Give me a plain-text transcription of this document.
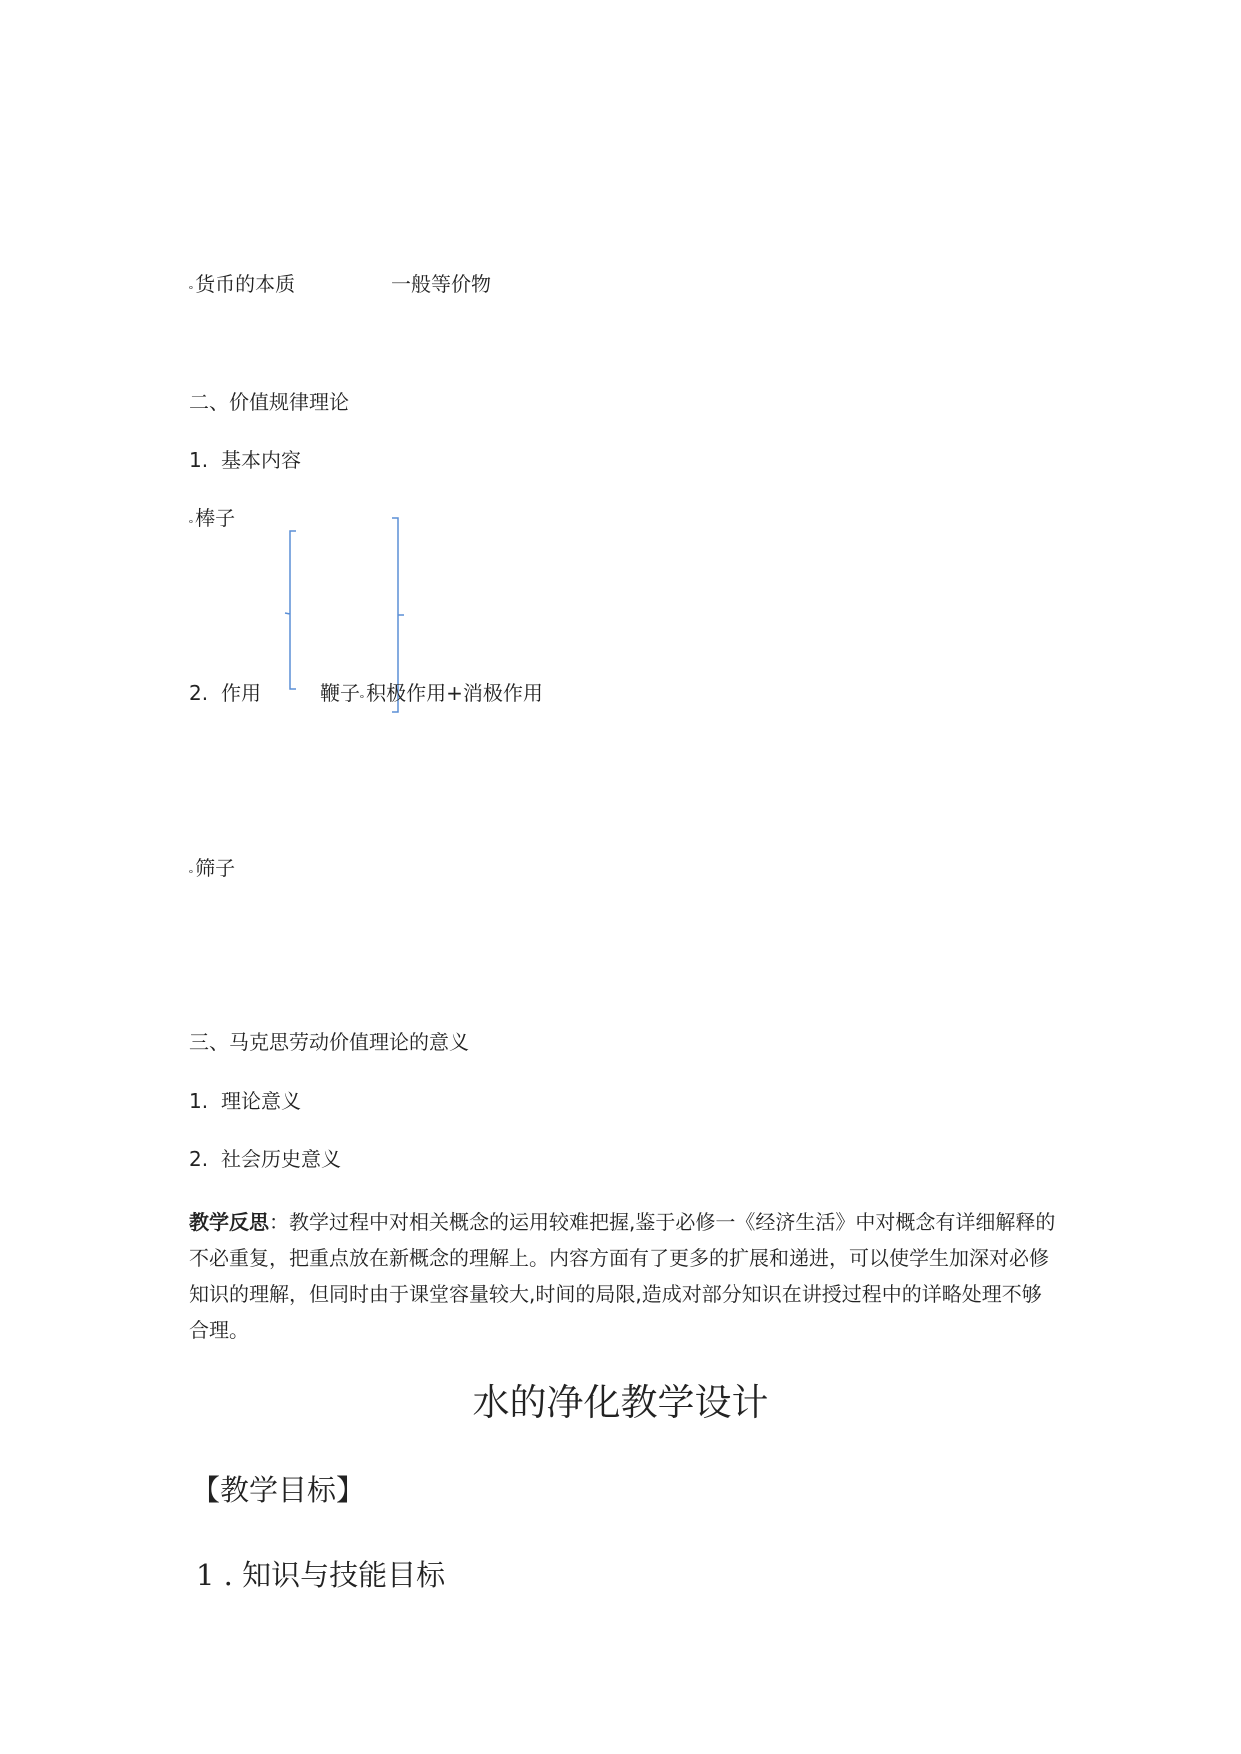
$^{_o}$ 货币的本质	一般等价物
二、价值规律理论
1. 基本内容
$^{_o}$ 棒子
2. 作用	鞭子$^{_o}$ 积极作用+消极作用
$^{_o}$ 筛子
三、马克思劳动价值理论的意义
1. 理论意义
2. 社会历史意义
教学反思：教学过程中对相关概念的运用较难把握,鉴于必修一《经济生活》中对概念有详细解释的不必重复，把重点放在新概念的理解上。内容方面有了更多的扩展和递进，可以使学生加深对必修知识的理解，但同时由于课堂容量较大,时间的局限,造成对部分知识在讲授过程中的详略处理不够合理。
水的净化教学设计
【教学目标】
1 . 知识与技能目标
